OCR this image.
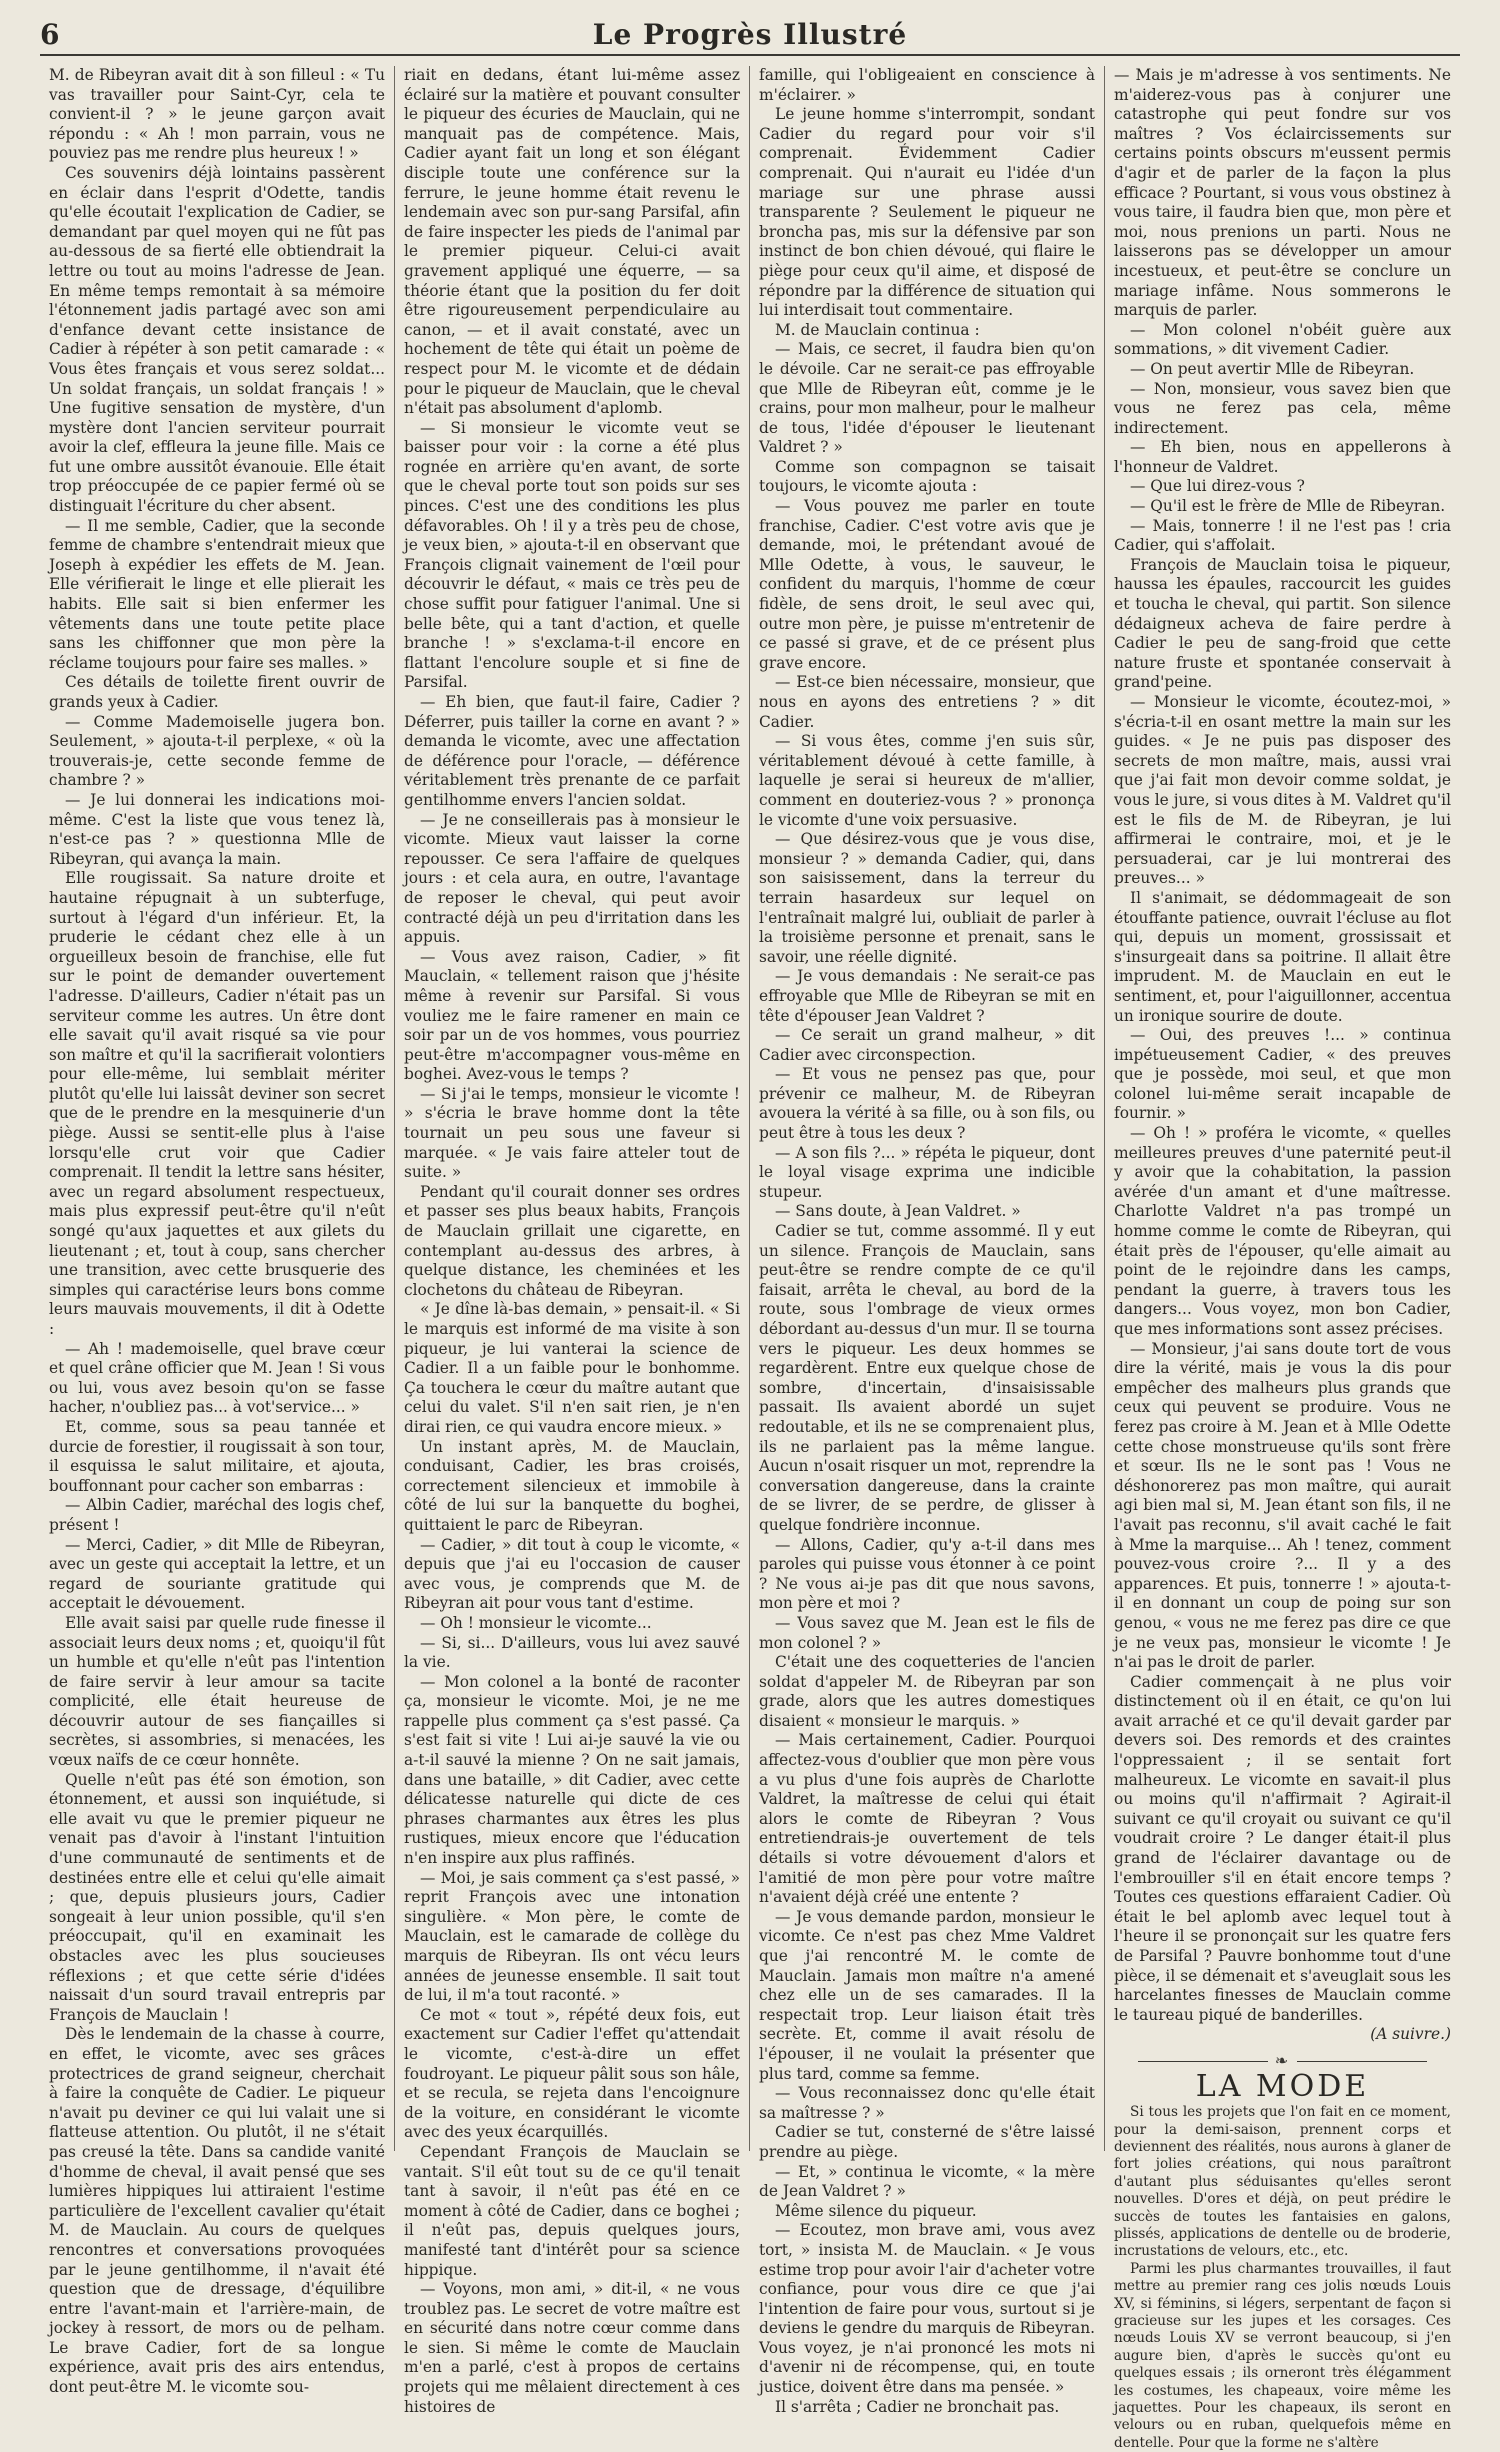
6	Le Progrès Illustré

M. de Ribeyran avait dit à son filleul : « Tu vas travailler pour Saint-Cyr, cela te convient-il ? » le jeune garçon avait répondu : « Ah ! mon parrain, vous ne pouviez pas me rendre plus heureux ! »

Ces souvenirs déjà lointains passèrent en éclair dans l'esprit d'Odette, tandis qu'elle écoutait l'explication de Cadier, se demandant par quel moyen qui ne fût pas au-dessous de sa fierté elle obtiendrait la lettre ou tout au moins l'adresse de Jean. En même temps remontait à sa mémoire l'étonnement jadis partagé avec son ami d'enfance devant cette insistance de Cadier à répéter à son petit camarade : « Vous êtes français et vous serez soldat... Un soldat français, un soldat français ! » Une fugitive sensation de mystère, d'un mystère dont l'ancien serviteur pourrait avoir la clef, effleura la jeune fille. Mais ce fut une ombre aussitôt évanouie. Elle était trop préoccupée de ce papier fermé où se distinguait l'écriture du cher absent.

— Il me semble, Cadier, que la seconde femme de chambre s'entendrait mieux que Joseph à expédier les effets de M. Jean. Elle vérifierait le linge et elle plierait les habits. Elle sait si bien enfermer les vêtements dans une toute petite place sans les chiffonner que mon père la réclame toujours pour faire ses malles. »

Ces détails de toilette firent ouvrir de grands yeux à Cadier.

— Comme Mademoiselle jugera bon. Seulement, » ajouta-t-il perplexe, « où la trouverais-je, cette seconde femme de chambre ? »

— Je lui donnerai les indications moi-même. C'est la liste que vous tenez là, n'est-ce pas ? » questionna Mlle de Ribeyran, qui avança la main.

Elle rougissait. Sa nature droite et hautaine répugnait à un subterfuge, surtout à l'égard d'un inférieur. Et, la pruderie le cédant chez elle à un orgueilleux besoin de franchise, elle fut sur le point de demander ouvertement l'adresse. D'ailleurs, Cadier n'était pas un serviteur comme les autres. Un être dont elle savait qu'il avait risqué sa vie pour son maître et qu'il la sacrifierait volontiers pour elle-même, lui semblait mériter plutôt qu'elle lui laissât deviner son secret que de le prendre en la mesquinerie d'un piège. Aussi se sentit-elle plus à l'aise lorsqu'elle crut voir que Cadier comprenait. Il tendit la lettre sans hésiter, avec un regard absolument respectueux, mais plus expressif peut-être qu'il n'eût songé qu'aux jaquettes et aux gilets du lieutenant ; et, tout à coup, sans chercher une transition, avec cette brusquerie des simples qui caractérise leurs bons comme leurs mauvais mouvements, il dit à Odette :

— Ah ! mademoiselle, quel brave cœur et quel crâne officier que M. Jean ! Si vous ou lui, vous avez besoin qu'on se fasse hacher, n'oubliez pas... à vot'service... »

Et, comme, sous sa peau tannée et durcie de forestier, il rougissait à son tour, il esquissa le salut militaire, et ajouta, bouffonnant pour cacher son embarras :

— Albin Cadier, maréchal des logis chef, présent !

— Merci, Cadier, » dit Mlle de Ribeyran, avec un geste qui acceptait la lettre, et un regard de souriante gratitude qui acceptait le dévouement.

Elle avait saisi par quelle rude finesse il associait leurs deux noms ; et, quoiqu'il fût un humble et qu'elle n'eût pas l'intention de faire servir à leur amour sa tacite complicité, elle était heureuse de découvrir autour de ses fiançailles si secrètes, si assombries, si menacées, les vœux naïfs de ce cœur honnête.

Quelle n'eût pas été son émotion, son étonnement, et aussi son inquiétude, si elle avait vu que le premier piqueur ne venait pas d'avoir à l'instant l'intuition d'une communauté de sentiments et de destinées entre elle et celui qu'elle aimait ; que, depuis plusieurs jours, Cadier songeait à leur union possible, qu'il s'en préoccupait, qu'il en examinait les obstacles avec les plus soucieuses réflexions ; et que cette série d'idées naissait d'un sourd travail entrepris par François de Mauclain !

Dès le lendemain de la chasse à courre, en effet, le vicomte, avec ses grâces protectrices de grand seigneur, cherchait à faire la conquête de Cadier. Le piqueur n'avait pu deviner ce qui lui valait une si flatteuse attention. Ou plutôt, il ne s'était pas creusé la tête. Dans sa candide vanité d'homme de cheval, il avait pensé que ses lumières hippiques lui attiraient l'estime particulière de l'excellent cavalier qu'était M. de Mauclain. Au cours de quelques rencontres et conversations provoquées par le jeune gentilhomme, il n'avait été question que de dressage, d'équilibre entre l'avant-main et l'arrière-main, de jockey à ressort, de mors ou de pelham. Le brave Cadier, fort de sa longue expérience, avait pris des airs entendus, dont peut-être M. le vicomte sou-

riait en dedans, étant lui-même assez éclairé sur la matière et pouvant consulter le piqueur des écuries de Mauclain, qui ne manquait pas de compétence. Mais, Cadier ayant fait un long et son élégant disciple toute une conférence sur la ferrure, le jeune homme était revenu le lendemain avec son pur-sang Parsifal, afin de faire inspecter les pieds de l'animal par le premier piqueur. Celui-ci avait gravement appliqué une équerre, — sa théorie étant que la position du fer doit être rigoureusement perpendiculaire au canon, — et il avait constaté, avec un hochement de tête qui était un poème de respect pour M. le vicomte et de dédain pour le piqueur de Mauclain, que le cheval n'était pas absolument d'aplomb.

— Si monsieur le vicomte veut se baisser pour voir : la corne a été plus rognée en arrière qu'en avant, de sorte que le cheval porte tout son poids sur ses pinces. C'est une des conditions les plus défavorables. Oh ! il y a très peu de chose, je veux bien, » ajouta-t-il en observant que François clignait vainement de l'œil pour découvrir le défaut, « mais ce très peu de chose suffit pour fatiguer l'animal. Une si belle bête, qui a tant d'action, et quelle branche ! » s'exclama-t-il encore en flattant l'encolure souple et si fine de Parsifal.

— Eh bien, que faut-il faire, Cadier ? Déferrer, puis tailler la corne en avant ? » demanda le vicomte, avec une affectation de déférence pour l'oracle, — déférence véritablement très prenante de ce parfait gentilhomme envers l'ancien soldat.

— Je ne conseillerais pas à monsieur le vicomte. Mieux vaut laisser la corne repousser. Ce sera l'affaire de quelques jours : et cela aura, en outre, l'avantage de reposer le cheval, qui peut avoir contracté déjà un peu d'irritation dans les appuis.

— Vous avez raison, Cadier, » fit Mauclain, « tellement raison que j'hésite même à revenir sur Parsifal. Si vous vouliez me le faire ramener en main ce soir par un de vos hommes, vous pourriez peut-être m'accompagner vous-même en boghei. Avez-vous le temps ?

— Si j'ai le temps, monsieur le vicomte ! » s'écria le brave homme dont la tête tournait un peu sous une faveur si marquée. « Je vais faire atteler tout de suite. »

Pendant qu'il courait donner ses ordres et passer ses plus beaux habits, François de Mauclain grillait une cigarette, en contemplant au-dessus des arbres, à quelque distance, les cheminées et les clochetons du château de Ribeyran.

« Je dîne là-bas demain, » pensait-il. « Si le marquis est informé de ma visite à son piqueur, je lui vanterai la science de Cadier. Il a un faible pour le bonhomme. Ça touchera le cœur du maître autant que celui du valet. S'il n'en sait rien, je n'en dirai rien, ce qui vaudra encore mieux. »

Un instant après, M. de Mauclain, conduisant, Cadier, les bras croisés, correctement silencieux et immobile à côté de lui sur la banquette du boghei, quittaient le parc de Ribeyran.

— Cadier, » dit tout à coup le vicomte, « depuis que j'ai eu l'occasion de causer avec vous, je comprends que M. de Ribeyran ait pour vous tant d'estime.

— Oh ! monsieur le vicomte...

— Si, si... D'ailleurs, vous lui avez sauvé la vie.

— Mon colonel a la bonté de raconter ça, monsieur le vicomte. Moi, je ne me rappelle plus comment ça s'est passé. Ça s'est fait si vite ! Lui ai-je sauvé la vie ou a-t-il sauvé la mienne ? On ne sait jamais, dans une bataille, » dit Cadier, avec cette délicatesse naturelle qui dicte de ces phrases charmantes aux êtres les plus rustiques, mieux encore que l'éducation n'en inspire aux plus raffinés.

— Moi, je sais comment ça s'est passé, » reprit François avec une intonation singulière. « Mon père, le comte de Mauclain, est le camarade de collège du marquis de Ribeyran. Ils ont vécu leurs années de jeunesse ensemble. Il sait tout de lui, il m'a tout raconté. »

Ce mot « tout », répété deux fois, eut exactement sur Cadier l'effet qu'attendait le vicomte, c'est-à-dire un effet foudroyant. Le piqueur pâlit sous son hâle, et se recula, se rejeta dans l'encoignure de la voiture, en considérant le vicomte avec des yeux écarquillés.

Cependant François de Mauclain se vantait. S'il eût tout su de ce qu'il tenait tant à savoir, il n'eût pas été en ce moment à côté de Cadier, dans ce boghei ; il n'eût pas, depuis quelques jours, manifesté tant d'intérêt pour sa science hippique.

— Voyons, mon ami, » dit-il, « ne vous troublez pas. Le secret de votre maître est en sécurité dans notre cœur comme dans le sien. Si même le comte de Mauclain m'en a parlé, c'est à propos de certains projets qui me mêlaient directement à ces histoires de

famille, qui l'obligeaient en conscience à m'éclairer. »

Le jeune homme s'interrompit, sondant Cadier du regard pour voir s'il comprenait. Évidemment Cadier comprenait. Qui n'aurait eu l'idée d'un mariage sur une phrase aussi transparente ? Seulement le piqueur ne broncha pas, mis sur la défensive par son instinct de bon chien dévoué, qui flaire le piège pour ceux qu'il aime, et disposé de répondre par la différence de situation qui lui interdisait tout commentaire.

M. de Mauclain continua :

— Mais, ce secret, il faudra bien qu'on le dévoile. Car ne serait-ce pas effroyable que Mlle de Ribeyran eût, comme je le crains, pour mon malheur, pour le malheur de tous, l'idée d'épouser le lieutenant Valdret ? »

Comme son compagnon se taisait toujours, le vicomte ajouta :

— Vous pouvez me parler en toute franchise, Cadier. C'est votre avis que je demande, moi, le prétendant avoué de Mlle Odette, à vous, le sauveur, le confident du marquis, l'homme de cœur fidèle, de sens droit, le seul avec qui, outre mon père, je puisse m'entretenir de ce passé si grave, et de ce présent plus grave encore.

— Est-ce bien nécessaire, monsieur, que nous en ayons des entretiens ? » dit Cadier.

— Si vous êtes, comme j'en suis sûr, véritablement dévoué à cette famille, à laquelle je serai si heureux de m'allier, comment en douteriez-vous ? » prononça le vicomte d'une voix persuasive.

— Que désirez-vous que je vous dise, monsieur ? » demanda Cadier, qui, dans son saisissement, dans la terreur du terrain hasardeux sur lequel on l'entraînait malgré lui, oubliait de parler à la troisième personne et prenait, sans le savoir, une réelle dignité.

— Je vous demandais : Ne serait-ce pas effroyable que Mlle de Ribeyran se mit en tête d'épouser Jean Valdret ?

— Ce serait un grand malheur, » dit Cadier avec circonspection.

— Et vous ne pensez pas que, pour prévenir ce malheur, M. de Ribeyran avouera la vérité à sa fille, ou à son fils, ou peut être à tous les deux ?

— A son fils ?... » répéta le piqueur, dont le loyal visage exprima une indicible stupeur.

— Sans doute, à Jean Valdret. »

Cadier se tut, comme assommé. Il y eut un silence. François de Mauclain, sans peut-être se rendre compte de ce qu'il faisait, arrêta le cheval, au bord de la route, sous l'ombrage de vieux ormes débordant au-dessus d'un mur. Il se tourna vers le piqueur. Les deux hommes se regardèrent. Entre eux quelque chose de sombre, d'incertain, d'insaisissable passait. Ils avaient abordé un sujet redoutable, et ils ne se comprenaient plus, ils ne parlaient pas la même langue. Aucun n'osait risquer un mot, reprendre la conversation dangereuse, dans la crainte de se livrer, de se perdre, de glisser à quelque fondrière inconnue.

— Allons, Cadier, qu'y a-t-il dans mes paroles qui puisse vous étonner à ce point ? Ne vous ai-je pas dit que nous savons, mon père et moi ?

— Vous savez que M. Jean est le fils de mon colonel ? »

C'était une des coquetteries de l'ancien soldat d'appeler M. de Ribeyran par son grade, alors que les autres domestiques disaient « monsieur le marquis. »

— Mais certainement, Cadier. Pourquoi affectez-vous d'oublier que mon père vous a vu plus d'une fois auprès de Charlotte Valdret, la maîtresse de celui qui était alors le comte de Ribeyran ? Vous entretiendrais-je ouvertement de tels détails si votre dévouement d'alors et l'amitié de mon père pour votre maître n'avaient déjà créé une entente ?

— Je vous demande pardon, monsieur le vicomte. Ce n'est pas chez Mme Valdret que j'ai rencontré M. le comte de Mauclain. Jamais mon maître n'a amené chez elle un de ses camarades. Il la respectait trop. Leur liaison était très secrète. Et, comme il avait résolu de l'épouser, il ne voulait la présenter que plus tard, comme sa femme.

— Vous reconnaissez donc qu'elle était sa maîtresse ? »

Cadier se tut, consterné de s'être laissé prendre au piège.

— Et, » continua le vicomte, « la mère de Jean Valdret ? »

Même silence du piqueur.

— Ecoutez, mon brave ami, vous avez tort, » insista M. de Mauclain. « Je vous estime trop pour avoir l'air d'acheter votre confiance, pour vous dire ce que j'ai l'intention de faire pour vous, surtout si je deviens le gendre du marquis de Ribeyran. Vous voyez, je n'ai prononcé les mots ni d'avenir ni de récompense, qui, en toute justice, doivent être dans ma pensée. »

Il s'arrêta ; Cadier ne bronchait pas.

— Mais je m'adresse à vos sentiments. Ne m'aiderez-vous pas à conjurer une catastrophe qui peut fondre sur vos maîtres ? Vos éclaircissements sur certains points obscurs m'eussent permis d'agir et de parler de la façon la plus efficace ? Pourtant, si vous vous obstinez à vous taire, il faudra bien que, mon père et moi, nous prenions un parti. Nous ne laisserons pas se développer un amour incestueux, et peut-être se conclure un mariage infâme. Nous sommerons le marquis de parler.

— Mon colonel n'obéit guère aux sommations, » dit vivement Cadier.

— On peut avertir Mlle de Ribeyran.

— Non, monsieur, vous savez bien que vous ne ferez pas cela, même indirectement.

— Eh bien, nous en appellerons à l'honneur de Valdret.

— Que lui direz-vous ?

— Qu'il est le frère de Mlle de Ribeyran.

— Mais, tonnerre ! il ne l'est pas ! cria Cadier, qui s'affolait.

François de Mauclain toisa le piqueur, haussa les épaules, raccourcit les guides et toucha le cheval, qui partit. Son silence dédaigneux acheva de faire perdre à Cadier le peu de sang-froid que cette nature fruste et spontanée conservait à grand'peine.

— Monsieur le vicomte, écoutez-moi, » s'écria-t-il en osant mettre la main sur les guides. « Je ne puis pas disposer des secrets de mon maître, mais, aussi vrai que j'ai fait mon devoir comme soldat, je vous le jure, si vous dites à M. Valdret qu'il est le fils de M. de Ribeyran, je lui affirmerai le contraire, moi, et je le persuaderai, car je lui montrerai des preuves... »

Il s'animait, se dédommageait de son étouffante patience, ouvrait l'écluse au flot qui, depuis un moment, grossissait et s'insurgeait dans sa poitrine. Il allait être imprudent. M. de Mauclain en eut le sentiment, et, pour l'aiguillonner, accentua un ironique sourire de doute.

— Oui, des preuves !... » continua impétueusement Cadier, « des preuves que je possède, moi seul, et que mon colonel lui-même serait incapable de fournir. »

— Oh ! » proféra le vicomte, « quelles meilleures preuves d'une paternité peut-il y avoir que la cohabitation, la passion avérée d'un amant et d'une maîtresse. Charlotte Valdret n'a pas trompé un homme comme le comte de Ribeyran, qui était près de l'épouser, qu'elle aimait au point de le rejoindre dans les camps, pendant la guerre, à travers tous les dangers... Vous voyez, mon bon Cadier, que mes informations sont assez précises.

— Monsieur, j'ai sans doute tort de vous dire la vérité, mais je vous la dis pour empêcher des malheurs plus grands que ceux qui peuvent se produire. Vous ne ferez pas croire à M. Jean et à Mlle Odette cette chose monstrueuse qu'ils sont frère et sœur. Ils ne le sont pas ! Vous ne déshonorerez pas mon maître, qui aurait agi bien mal si, M. Jean étant son fils, il ne l'avait pas reconnu, s'il avait caché le fait à Mme la marquise... Ah ! tenez, comment pouvez-vous croire ?... Il y a des apparences. Et puis, tonnerre ! » ajouta-t-il en donnant un coup de poing sur son genou, « vous ne me ferez pas dire ce que je ne veux pas, monsieur le vicomte ! Je n'ai pas le droit de parler.

Cadier commençait à ne plus voir distinctement où il en était, ce qu'on lui avait arraché et ce qu'il devait garder par devers soi. Des remords et des craintes l'oppressaient ; il se sentait fort malheureux. Le vicomte en savait-il plus ou moins qu'il n'affirmait ? Agirait-il suivant ce qu'il croyait ou suivant ce qu'il voudrait croire ? Le danger était-il plus grand de l'éclairer davantage ou de l'embrouiller s'il en était encore temps ? Toutes ces questions effaraient Cadier. Où était le bel aplomb avec lequel tout à l'heure il se prononçait sur les quatre fers de Parsifal ? Pauvre bonhomme tout d'une pièce, il se démenait et s'aveuglait sous les harcelantes finesses de Mauclain comme le taureau piqué de banderilles.

(A suivre.)

❧
LA MODE

Si tous les projets que l'on fait en ce moment, pour la demi-saison, prennent corps et deviennent des réalités, nous aurons à glaner de fort jolies créations, qui nous paraîtront d'autant plus séduisantes qu'elles seront nouvelles. D'ores et déjà, on peut prédire le succès de toutes les fantaisies en galons, plissés, applications de dentelle ou de broderie, incrustations de velours, etc., etc.

Parmi les plus charmantes trouvailles, il faut mettre au premier rang ces jolis nœuds Louis XV, si féminins, si légers, serpentant de façon si gracieuse sur les jupes et les corsages. Ces nœuds Louis XV se verront beaucoup, si j'en augure bien, d'après le succès qu'ont eu quelques essais ; ils orneront très élégamment les costumes, les chapeaux, voire même les jaquettes. Pour les chapeaux, ils seront en velours ou en ruban, quelquefois même en dentelle. Pour que la forme ne s'altère
